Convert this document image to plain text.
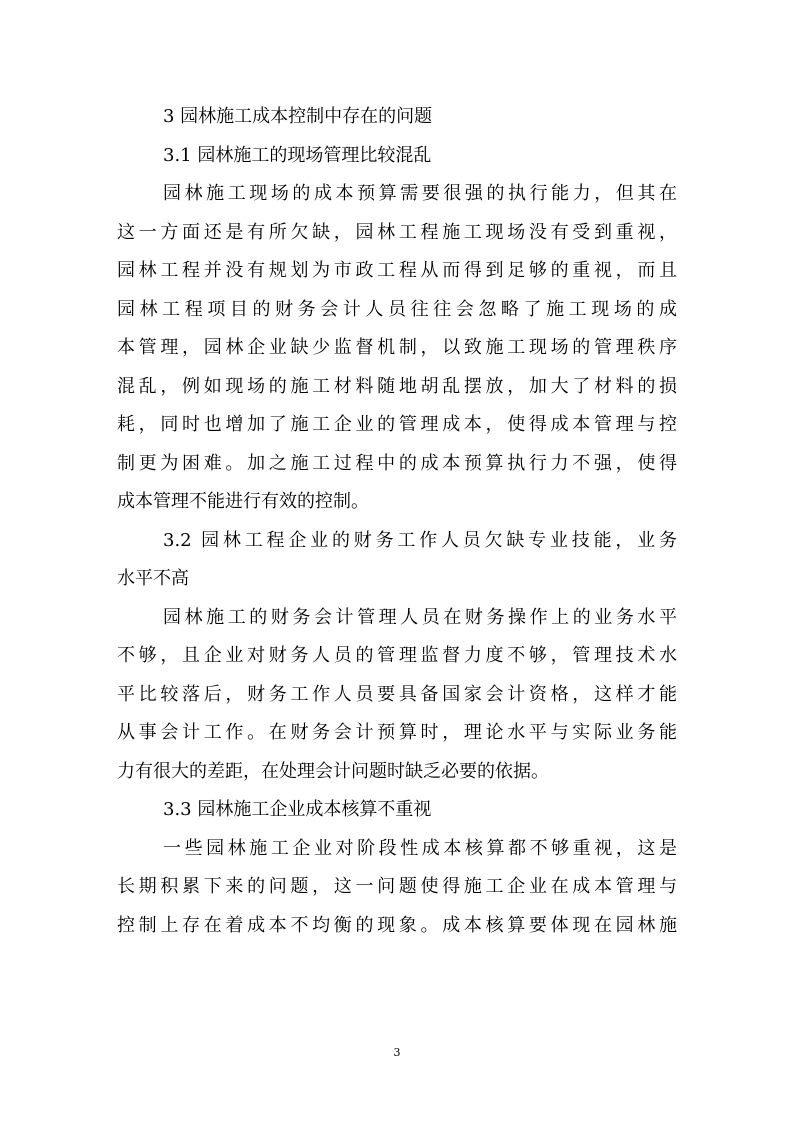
3 园林施工成本控制中存在的问题
3.1 园林施工的现场管理比较混乱
园林施工现场的成本预算需要很强的执行能力，但其在
这一方面还是有所欠缺，园林工程施工现场没有受到重视，
园林工程并没有规划为市政工程从而得到足够的重视，而且
园林工程项目的财务会计人员往往会忽略了施工现场的成
本管理，园林企业缺少监督机制，以致施工现场的管理秩序
混乱，例如现场的施工材料随地胡乱摆放，加大了材料的损
耗，同时也增加了施工企业的管理成本，使得成本管理与控
制更为困难。加之施工过程中的成本预算执行力不强，使得
成本管理不能进行有效的控制。
3.2 园林工程企业的财务工作人员欠缺专业技能，业务
水平不高
园林施工的财务会计管理人员在财务操作上的业务水平
不够，且企业对财务人员的管理监督力度不够，管理技术水
平比较落后，财务工作人员要具备国家会计资格，这样才能
从事会计工作。在财务会计预算时，理论水平与实际业务能
力有很大的差距，在处理会计问题时缺乏必要的依据。
3.3 园林施工企业成本核算不重视
一些园林施工企业对阶段性成本核算都不够重视，这是
长期积累下来的问题，这一问题使得施工企业在成本管理与
控制上存在着成本不均衡的现象。成本核算要体现在园林施
3
